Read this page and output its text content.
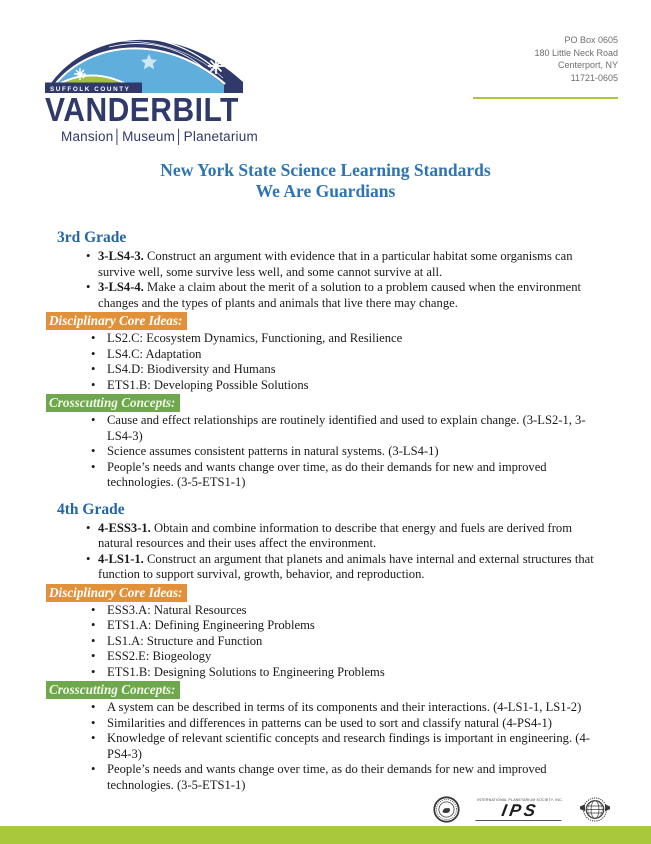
SUFFOLK COUNTY
VANDERBILT
Mansion│Museum│Planetarium
PO Box 0605
180 Little Neck Road
Centerport, NY
11721-0605
New York State Science Learning Standards
We Are Guardians
3rd Grade
• 3-LS4-3. Construct an argument with evidence that in a particular habitat some organisms can survive well, some survive less well, and some cannot survive at all.
• 3-LS4-4. Make a claim about the merit of a solution to a problem caused when the environment changes and the types of plants and animals that live there may change.
Disciplinary Core Ideas:
• LS2.C: Ecosystem Dynamics, Functioning, and Resilience
• LS4.C: Adaptation
• LS4.D: Biodiversity and Humans
• ETS1.B: Developing Possible Solutions
Crosscutting Concepts:
• Cause and effect relationships are routinely identified and used to explain change. (3-LS2-1, 3-LS4-3)
• Science assumes consistent patterns in natural systems. (3-LS4-1)
• People’s needs and wants change over time, as do their demands for new and improved technologies. (3-5-ETS1-1)
4th Grade
• 4-ESS3-1. Obtain and combine information to describe that energy and fuels are derived from natural resources and their uses affect the environment.
• 4-LS1-1. Construct an argument that planets and animals have internal and external structures that function to support survival, growth, behavior, and reproduction.
Disciplinary Core Ideas:
• ESS3.A: Natural Resources
• ETS1.A: Defining Engineering Problems
• LS1.A: Structure and Function
• ESS2.E: Biogeology
• ETS1.B: Designing Solutions to Engineering Problems
Crosscutting Concepts:
• A system can be described in terms of its components and their interactions. (4-LS1-1, LS1-2)
• Similarities and differences in patterns can be used to sort and classify natural (4-PS4-1)
• Knowledge of relevant scientific concepts and research findings is important in engineering. (4-PS4-3)
• People’s needs and wants change over time, as do their demands for new and improved technologies. (3-5-ETS1-1)
INTERNATIONAL PLANETARIUM SOCIETY, INC.
IPS
